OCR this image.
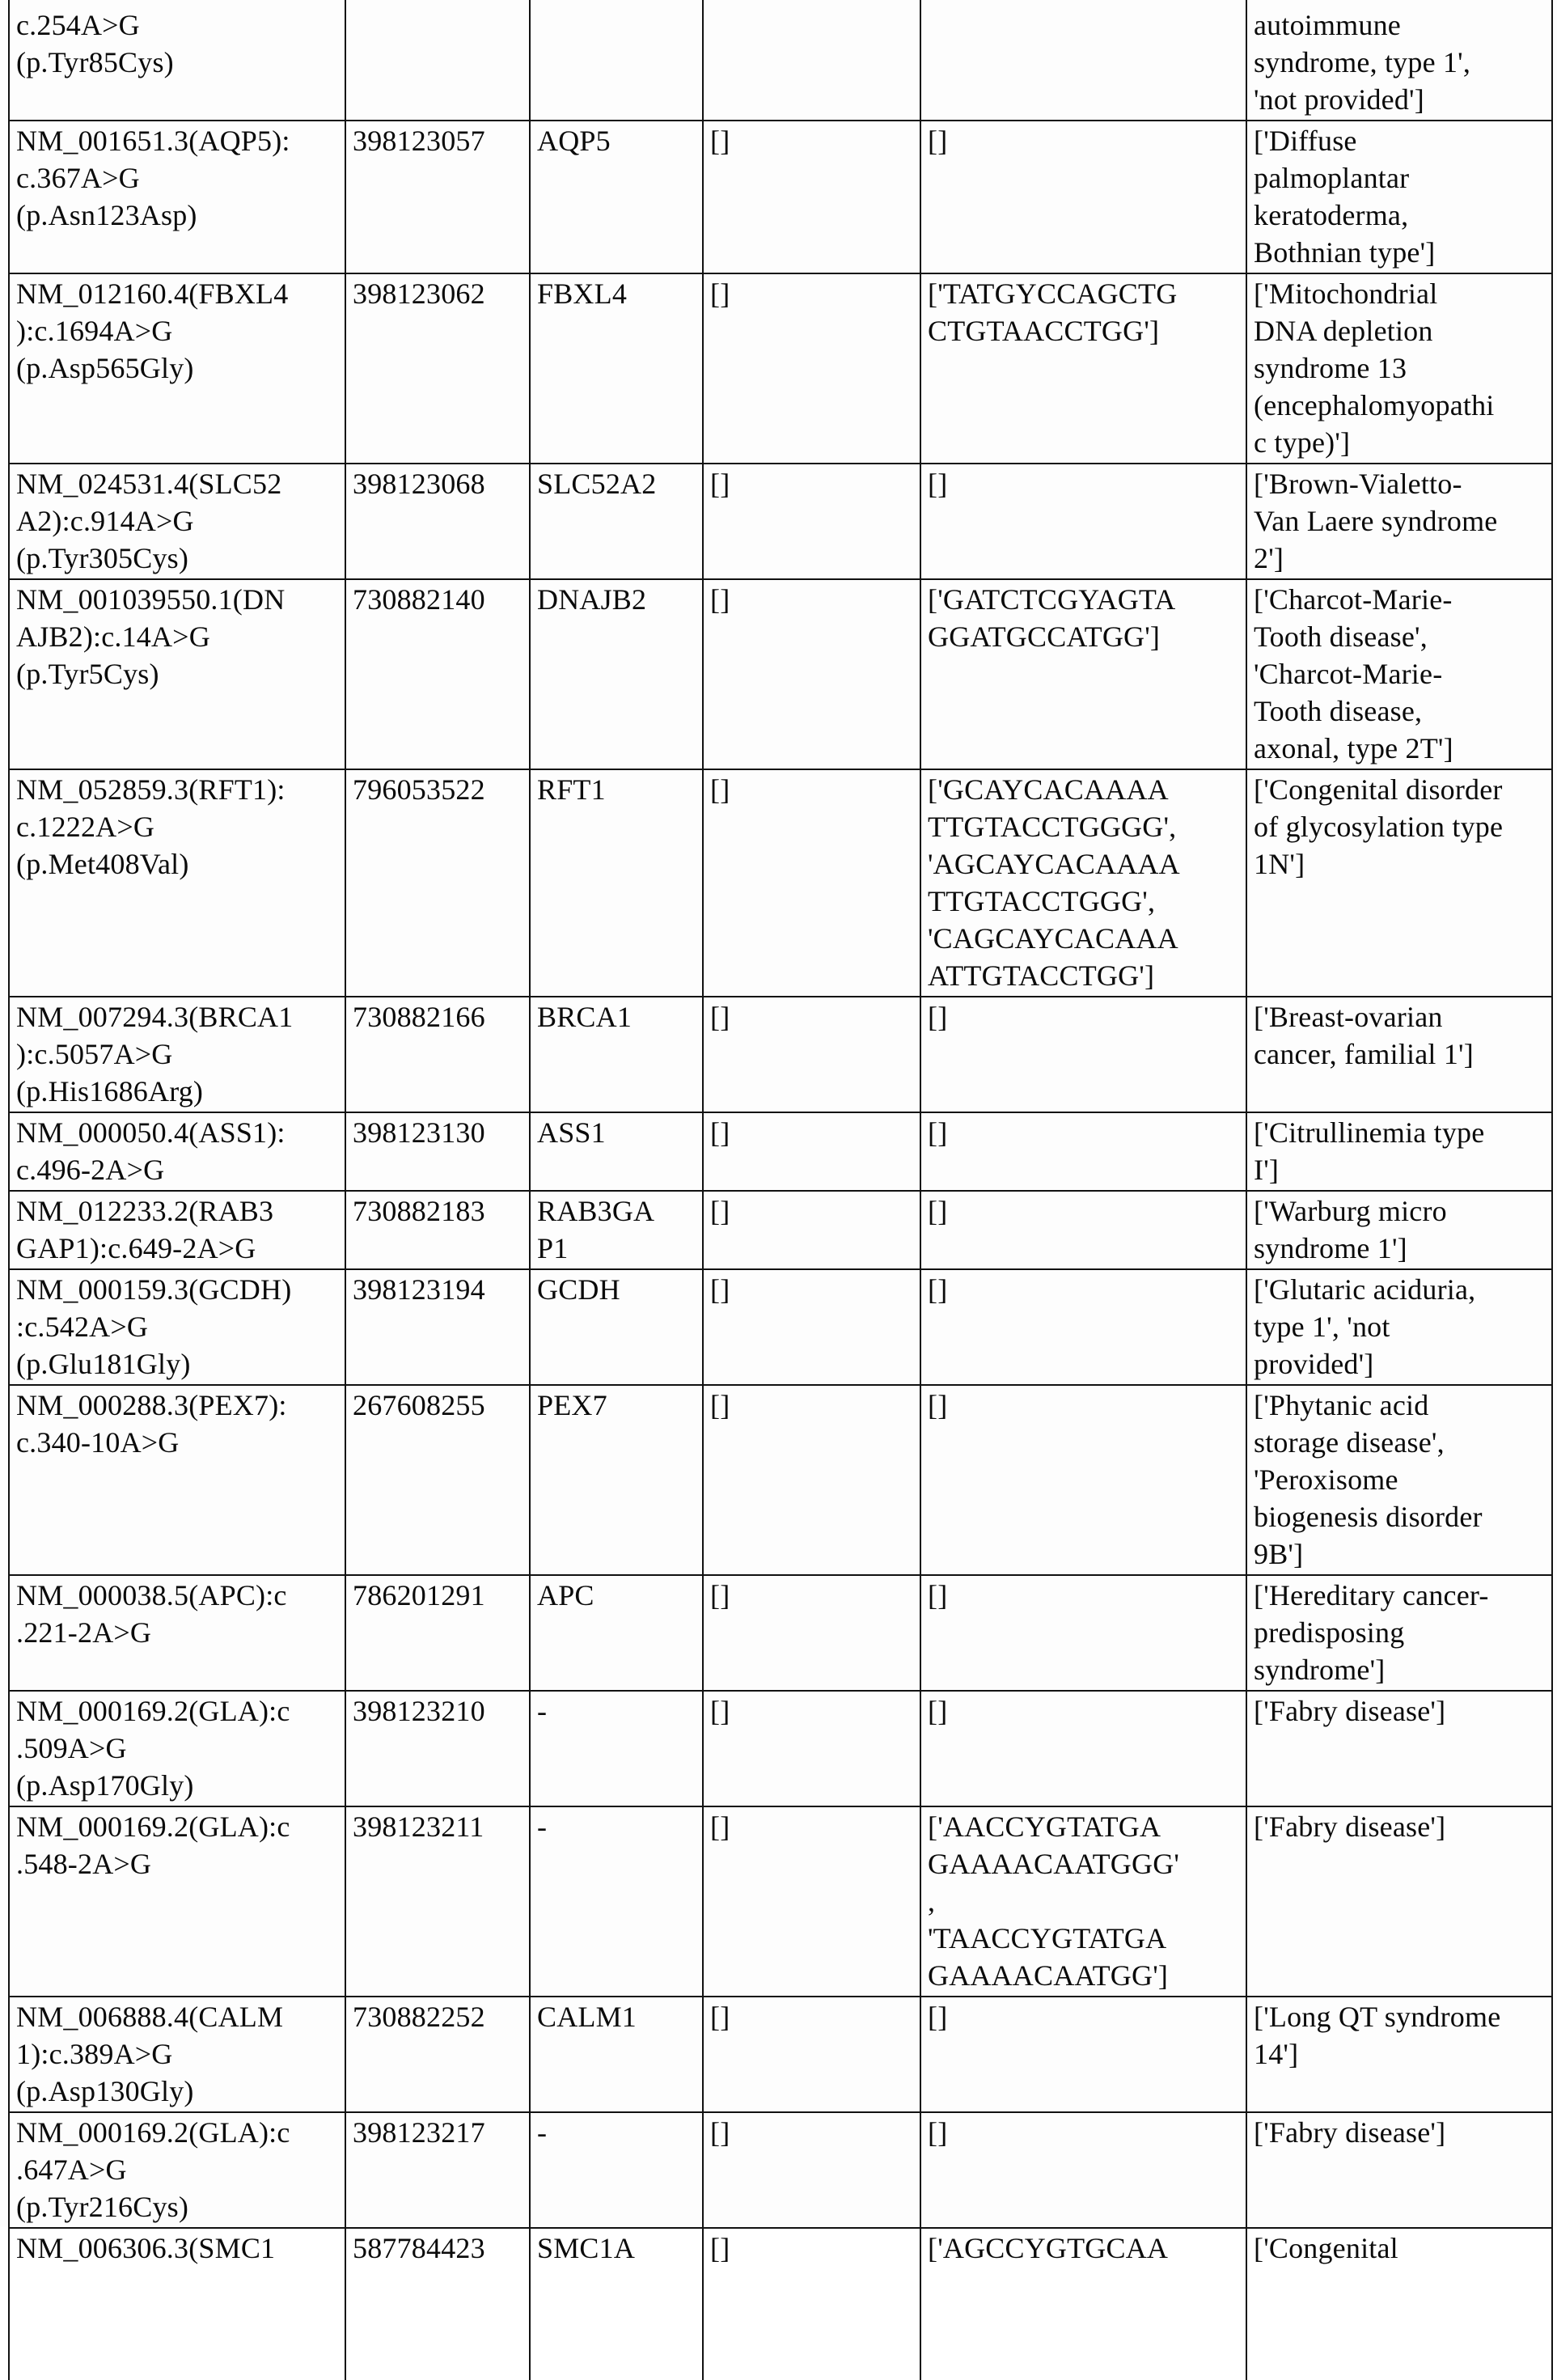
c.254A>G
(p.Tyr85Cys)					autoimmune
syndrome, type 1',
'not provided']
NM_001651.3(AQP5):
c.367A>G
(p.Asn123Asp)	398123057	AQP5	[]	[]	['Diffuse
palmoplantar
keratoderma,
Bothnian type']
NM_012160.4(FBXL4
):c.1694A>G
(p.Asp565Gly)	398123062	FBXL4	[]	['TATGYCCAGCTG
CTGTAACCTGG']	['Mitochondrial
DNA depletion
syndrome 13
(encephalomyopathi
c type)']
NM_024531.4(SLC52
A2):c.914A>G
(p.Tyr305Cys)	398123068	SLC52A2	[]	[]	['Brown-Vialetto-
Van Laere syndrome
2']
NM_001039550.1(DN
AJB2):c.14A>G
(p.Tyr5Cys)	730882140	DNAJB2	[]	['GATCTCGYAGTA
GGATGCCATGG']	['Charcot-Marie-
Tooth disease',
'Charcot-Marie-
Tooth disease,
axonal, type 2T']
NM_052859.3(RFT1):
c.1222A>G
(p.Met408Val)	796053522	RFT1	[]	['GCAYCACAAAA
TTGTACCTGGGG',
'AGCAYCACAAAA
TTGTACCTGGG',
'CAGCAYCACAAA
ATTGTACCTGG']	['Congenital disorder
of glycosylation type
1N']
NM_007294.3(BRCA1
):c.5057A>G
(p.His1686Arg)	730882166	BRCA1	[]	[]	['Breast-ovarian
cancer, familial 1']
NM_000050.4(ASS1):
c.496-2A>G	398123130	ASS1	[]	[]	['Citrullinemia type
I']
NM_012233.2(RAB3
GAP1):c.649-2A>G	730882183	RAB3GA
P1	[]	[]	['Warburg micro
syndrome 1']
NM_000159.3(GCDH)
:c.542A>G
(p.Glu181Gly)	398123194	GCDH	[]	[]	['Glutaric aciduria,
type 1', 'not
provided']
NM_000288.3(PEX7):
c.340-10A>G	267608255	PEX7	[]	[]	['Phytanic acid
storage disease',
'Peroxisome
biogenesis disorder
9B']
NM_000038.5(APC):c
.221-2A>G	786201291	APC	[]	[]	['Hereditary cancer-
predisposing
syndrome']
NM_000169.2(GLA):c
.509A>G
(p.Asp170Gly)	398123210	-	[]	[]	['Fabry disease']
NM_000169.2(GLA):c
.548-2A>G	398123211	-	[]	['AACCYGTATGA
GAAAACAATGGG'
,
'TAACCYGTATGA
GAAAACAATGG']	['Fabry disease']
NM_006888.4(CALM
1):c.389A>G
(p.Asp130Gly)	730882252	CALM1	[]	[]	['Long QT syndrome
14']
NM_000169.2(GLA):c
.647A>G
(p.Tyr216Cys)	398123217	-	[]	[]	['Fabry disease']
NM_006306.3(SMC1	587784423	SMC1A	[]	['AGCCYGTGCAA	['Congenital
